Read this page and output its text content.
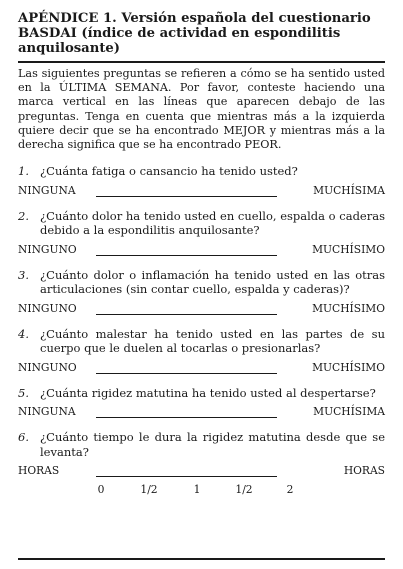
APÉNDICE 1. Versión española del cuestionario BASDAI (índice de actividad en espondilitis anquilosante)
Las siguientes preguntas se refieren a cómo se ha sentido usted en la ÚLTIMA SEMANA. Por favor, conteste haciendo una marca vertical en las líneas que aparecen debajo de las preguntas. Tenga en cuenta que mientras más a la izquierda quiere decir que se ha encontrado MEJOR y mientras más a la derecha significa que se ha encontrado PEOR.
1. ¿Cuánta fatiga o cansancio ha tenido usted?
NINGUNA	MUCHÍSIMA
2. ¿Cuánto dolor ha tenido usted en cuello, espalda o caderas debido a la espondilitis anquilosante?
NINGUNO	MUCHÍSIMO
3. ¿Cuánto dolor o inflamación ha tenido usted en las otras articulaciones (sin contar cuello, espalda y caderas)?
NINGUNO	MUCHÍSIMO
4. ¿Cuánto malestar ha tenido usted en las partes de su cuerpo que le duelen al tocarlas o presionarlas?
NINGUNO	MUCHÍSIMO
5. ¿Cuánta rigidez matutina ha tenido usted al despertarse?
NINGUNA	MUCHÍSIMA
6. ¿Cuánto tiempo le dura la rigidez matutina desde que se levanta?
HORAS	HORAS
0	1/2	1	1/2	2
